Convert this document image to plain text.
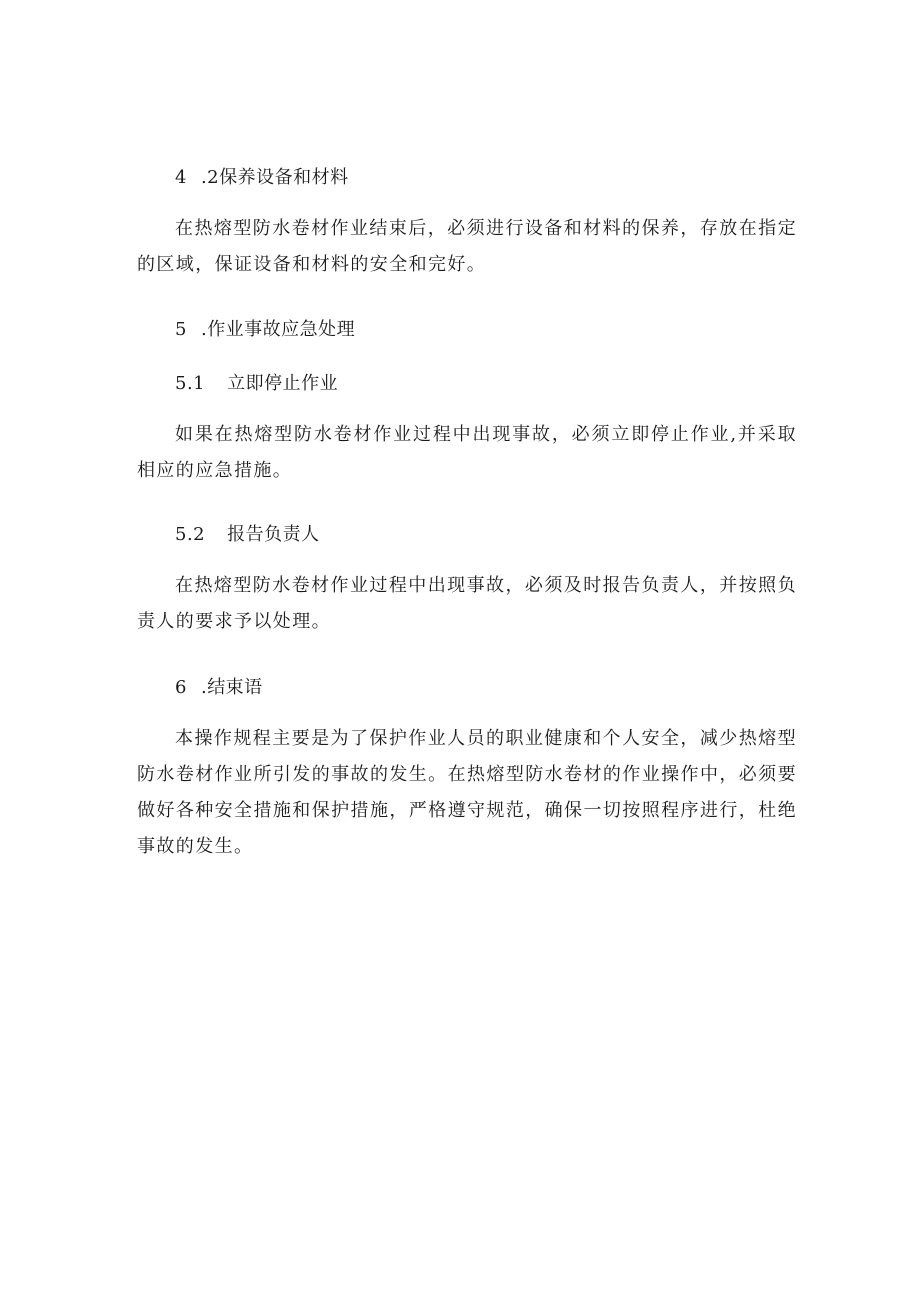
4 .2保养设备和材料

在热熔型防水卷材作业结束后，必须进行设备和材料的保养，存放在指定的区域，保证设备和材料的安全和完好。

5 .作业事故应急处理
5.1 立即停止作业

如果在热熔型防水卷材作业过程中出现事故，必须立即停止作业,并采取相应的应急措施。

5.2 报告负责人

在热熔型防水卷材作业过程中出现事故，必须及时报告负责人，并按照负责人的要求予以处理。

6 .结束语

本操作规程主要是为了保护作业人员的职业健康和个人安全，减少热熔型防水卷材作业所引发的事故的发生。在热熔型防水卷材的作业操作中，必须要做好各种安全措施和保护措施，严格遵守规范，确保一切按照程序进行，杜绝事故的发生。
